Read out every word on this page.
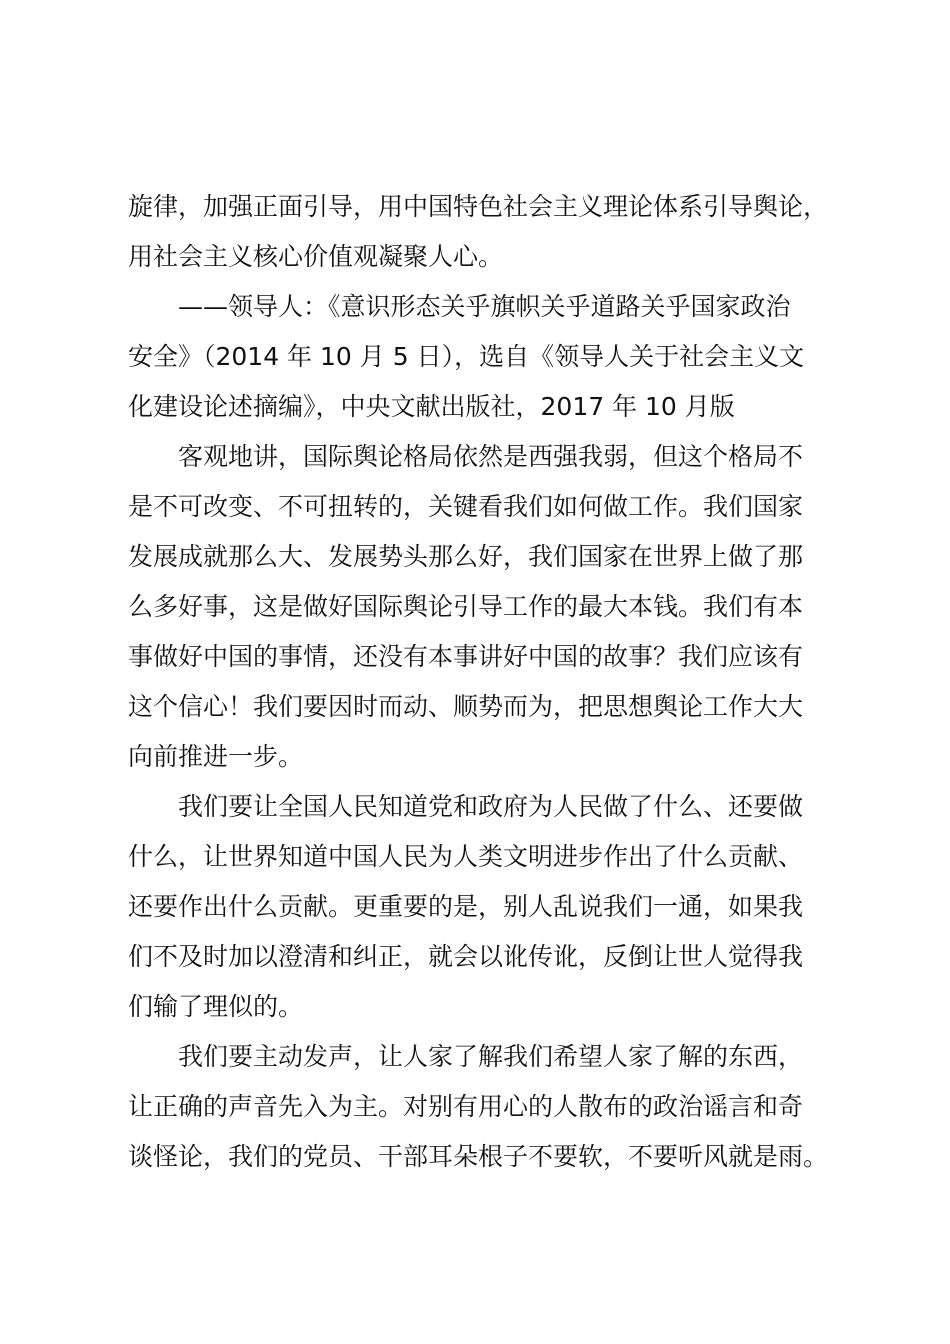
旋律，加强正面引导，用中国特色社会主义理论体系引导舆论，
用社会主义核心价值观凝聚人心。
——领导人：《意识形态关乎旗帜关乎道路关乎国家政治
安全》（2014 年 10 月 5 日），选自《领导人关于社会主义文
化建设论述摘编》，中央文献出版社，2017 年 10 月版
客观地讲，国际舆论格局依然是西强我弱，但这个格局不
是不可改变、不可扭转的，关键看我们如何做工作。我们国家
发展成就那么大、发展势头那么好，我们国家在世界上做了那
么多好事，这是做好国际舆论引导工作的最大本钱。我们有本
事做好中国的事情，还没有本事讲好中国的故事？我们应该有
这个信心！我们要因时而动、顺势而为，把思想舆论工作大大
向前推进一步。
我们要让全国人民知道党和政府为人民做了什么、还要做
什么，让世界知道中国人民为人类文明进步作出了什么贡献、
还要作出什么贡献。更重要的是，别人乱说我们一通，如果我
们不及时加以澄清和纠正，就会以讹传讹，反倒让世人觉得我
们输了理似的。
我们要主动发声，让人家了解我们希望人家了解的东西，
让正确的声音先入为主。对别有用心的人散布的政治谣言和奇
谈怪论，我们的党员、干部耳朵根子不要软，不要听风就是雨。
